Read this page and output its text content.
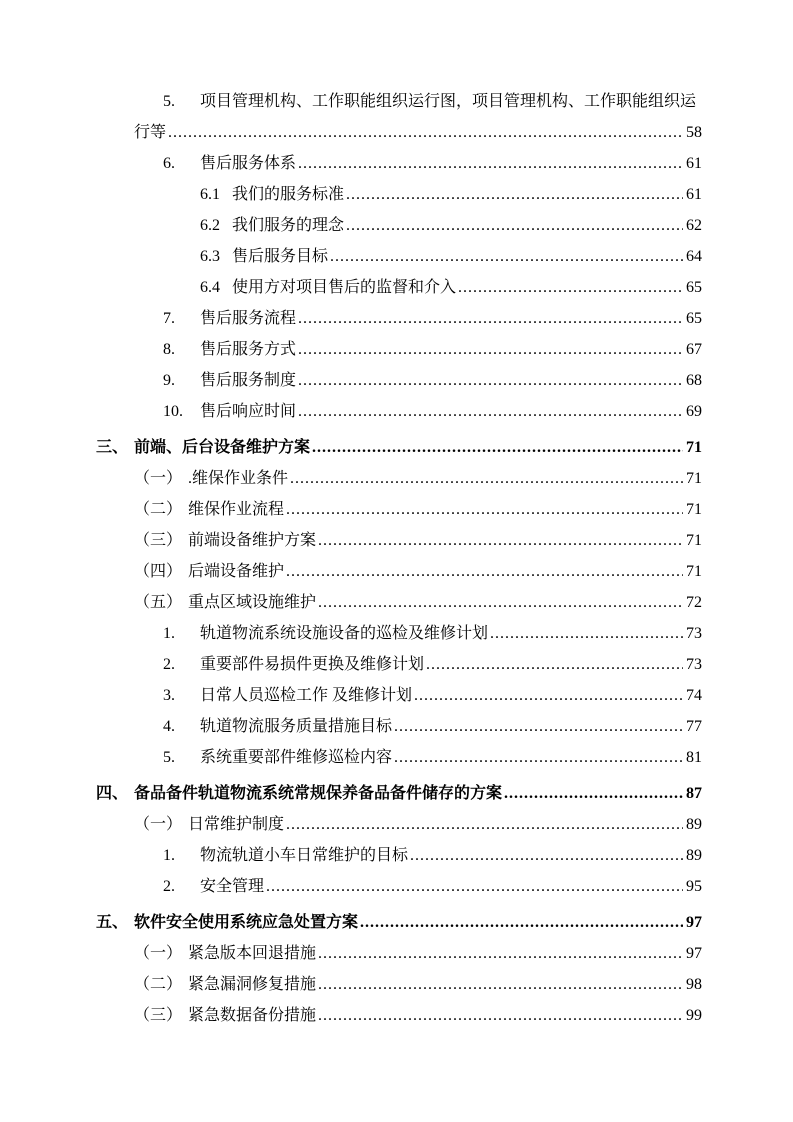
5.	项目管理机构、工作职能组织运行图，项目管理机构、工作职能组织运
行等 .....	58
6.	售后服务体系 .....	61
6.1 我们的服务标准 .....	61
6.2 我们服务的理念 .....	62
6.3 售后服务目标 .....	64
6.4 使用方对项目售后的监督和介入 .....	65
7.	售后服务流程 .....	65
8.	售后服务方式 .....	67
9.	售后服务制度 .....	68
10.	售后响应时间 .....	69
三、 前端、后台设备维护方案 .....	71
（一） .维保作业条件 .....	71
（二） 维保作业流程 .....	71
（三） 前端设备维护方案 .....	71
（四） 后端设备维护 .....	71
（五） 重点区域设施维护 .....	72
1.	轨道物流系统设施设备的巡检及维修计划 .....	73
2.	重要部件易损件更换及维修计划 .....	73
3.	日常人员巡检工作 及维修计划 .....	74
4.	轨道物流服务质量措施目标 .....	77
5.	系统重要部件维修巡检内容 .....	81
四、 备品备件轨道物流系统常规保养备品备件储存的方案 .....	87
（一） 日常维护制度 .....	89
1.	物流轨道小车日常维护的目标 .....	89
2.	安全管理 .....	95
五、 软件安全使用系统应急处置方案 .....	97
（一） 紧急版本回退措施 .....	97
（二） 紧急漏洞修复措施 .....	98
（三） 紧急数据备份措施 .....	99
